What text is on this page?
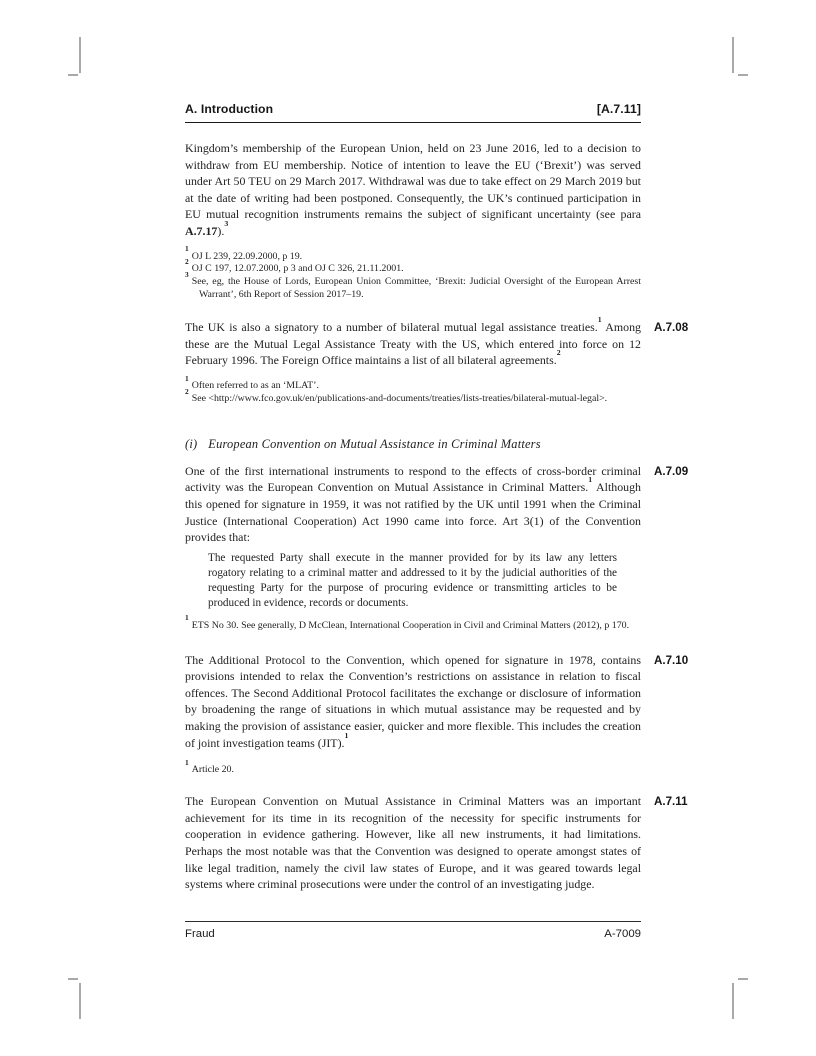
A. Introduction	[A.7.11]

Kingdom’s membership of the European Union, held on 23 June 2016, led to a decision to withdraw from EU membership. Notice of intention to leave the EU (‘Brexit’) was served under Art 50 TEU on 29 March 2017. Withdrawal was due to take effect on 29 March 2019 but at the date of writing had been postponed. Consequently, the UK’s continued participation in EU mutual recognition instruments remains the subject of significant uncertainty (see para A.7.17).$^3$

$^1$OJ L 239, 22.09.2000, p 19.
$^2$OJ C 197, 12.07.2000, p 3 and OJ C 326, 21.11.2001.
$^3$See, eg, the House of Lords, European Union Committee, ‘Brexit: Judicial Oversight of the European Arrest Warrant’, 6th Report of Session 2017–19.

A.7.08
The UK is also a signatory to a number of bilateral mutual legal assistance treaties.$^1$ Among these are the Mutual Legal Assistance Treaty with the US, which entered into force on 12 February 1996. The Foreign Office maintains a list of all bilateral agreements.$^2$

$^1$Often referred to as an ‘MLAT’.
$^2$See <http://www.fco.gov.uk/en/publications-and-documents/treaties/lists-treaties/bilateral-mutual-legal>.
(i) European Convention on Mutual Assistance in Criminal Matters

A.7.09
One of the first international instruments to respond to the effects of cross-border criminal activity was the European Convention on Mutual Assistance in Criminal Matters.$^1$ Although this opened for signature in 1959, it was not ratified by the UK until 1991 when the Criminal Justice (International Cooperation) Act 1990 came into force. Art 3(1) of the Convention provides that:

The requested Party shall execute in the manner provided for by its law any letters rogatory relating to a criminal matter and addressed to it by the judicial authorities of the requesting Party for the purpose of procuring evidence or transmitting articles to be produced in evidence, records or documents.
$^1$ETS No 30. See generally, D McClean, International Cooperation in Civil and Criminal Matters (2012), p 170.

A.7.10
The Additional Protocol to the Convention, which opened for signature in 1978, contains provisions intended to relax the Convention’s restrictions on assistance in relation to fiscal offences. The Second Additional Protocol facilitates the exchange or disclosure of information by broadening the range of situations in which mutual assistance may be requested and by making the provision of assistance easier, quicker and more flexible. This includes the creation of joint investigation teams (JIT).$^1$

$^1$Article 20.

A.7.11
The European Convention on Mutual Assistance in Criminal Matters was an important achievement for its time in its recognition of the necessity for specific instruments for cooperation in evidence gathering. However, like all new instruments, it had limitations. Perhaps the most notable was that the Convention was designed to operate amongst states of like legal tradition, namely the civil law states of Europe, and it was geared towards legal systems where criminal prosecutions were under the control of an investigating judge.

Fraud	A-7009
